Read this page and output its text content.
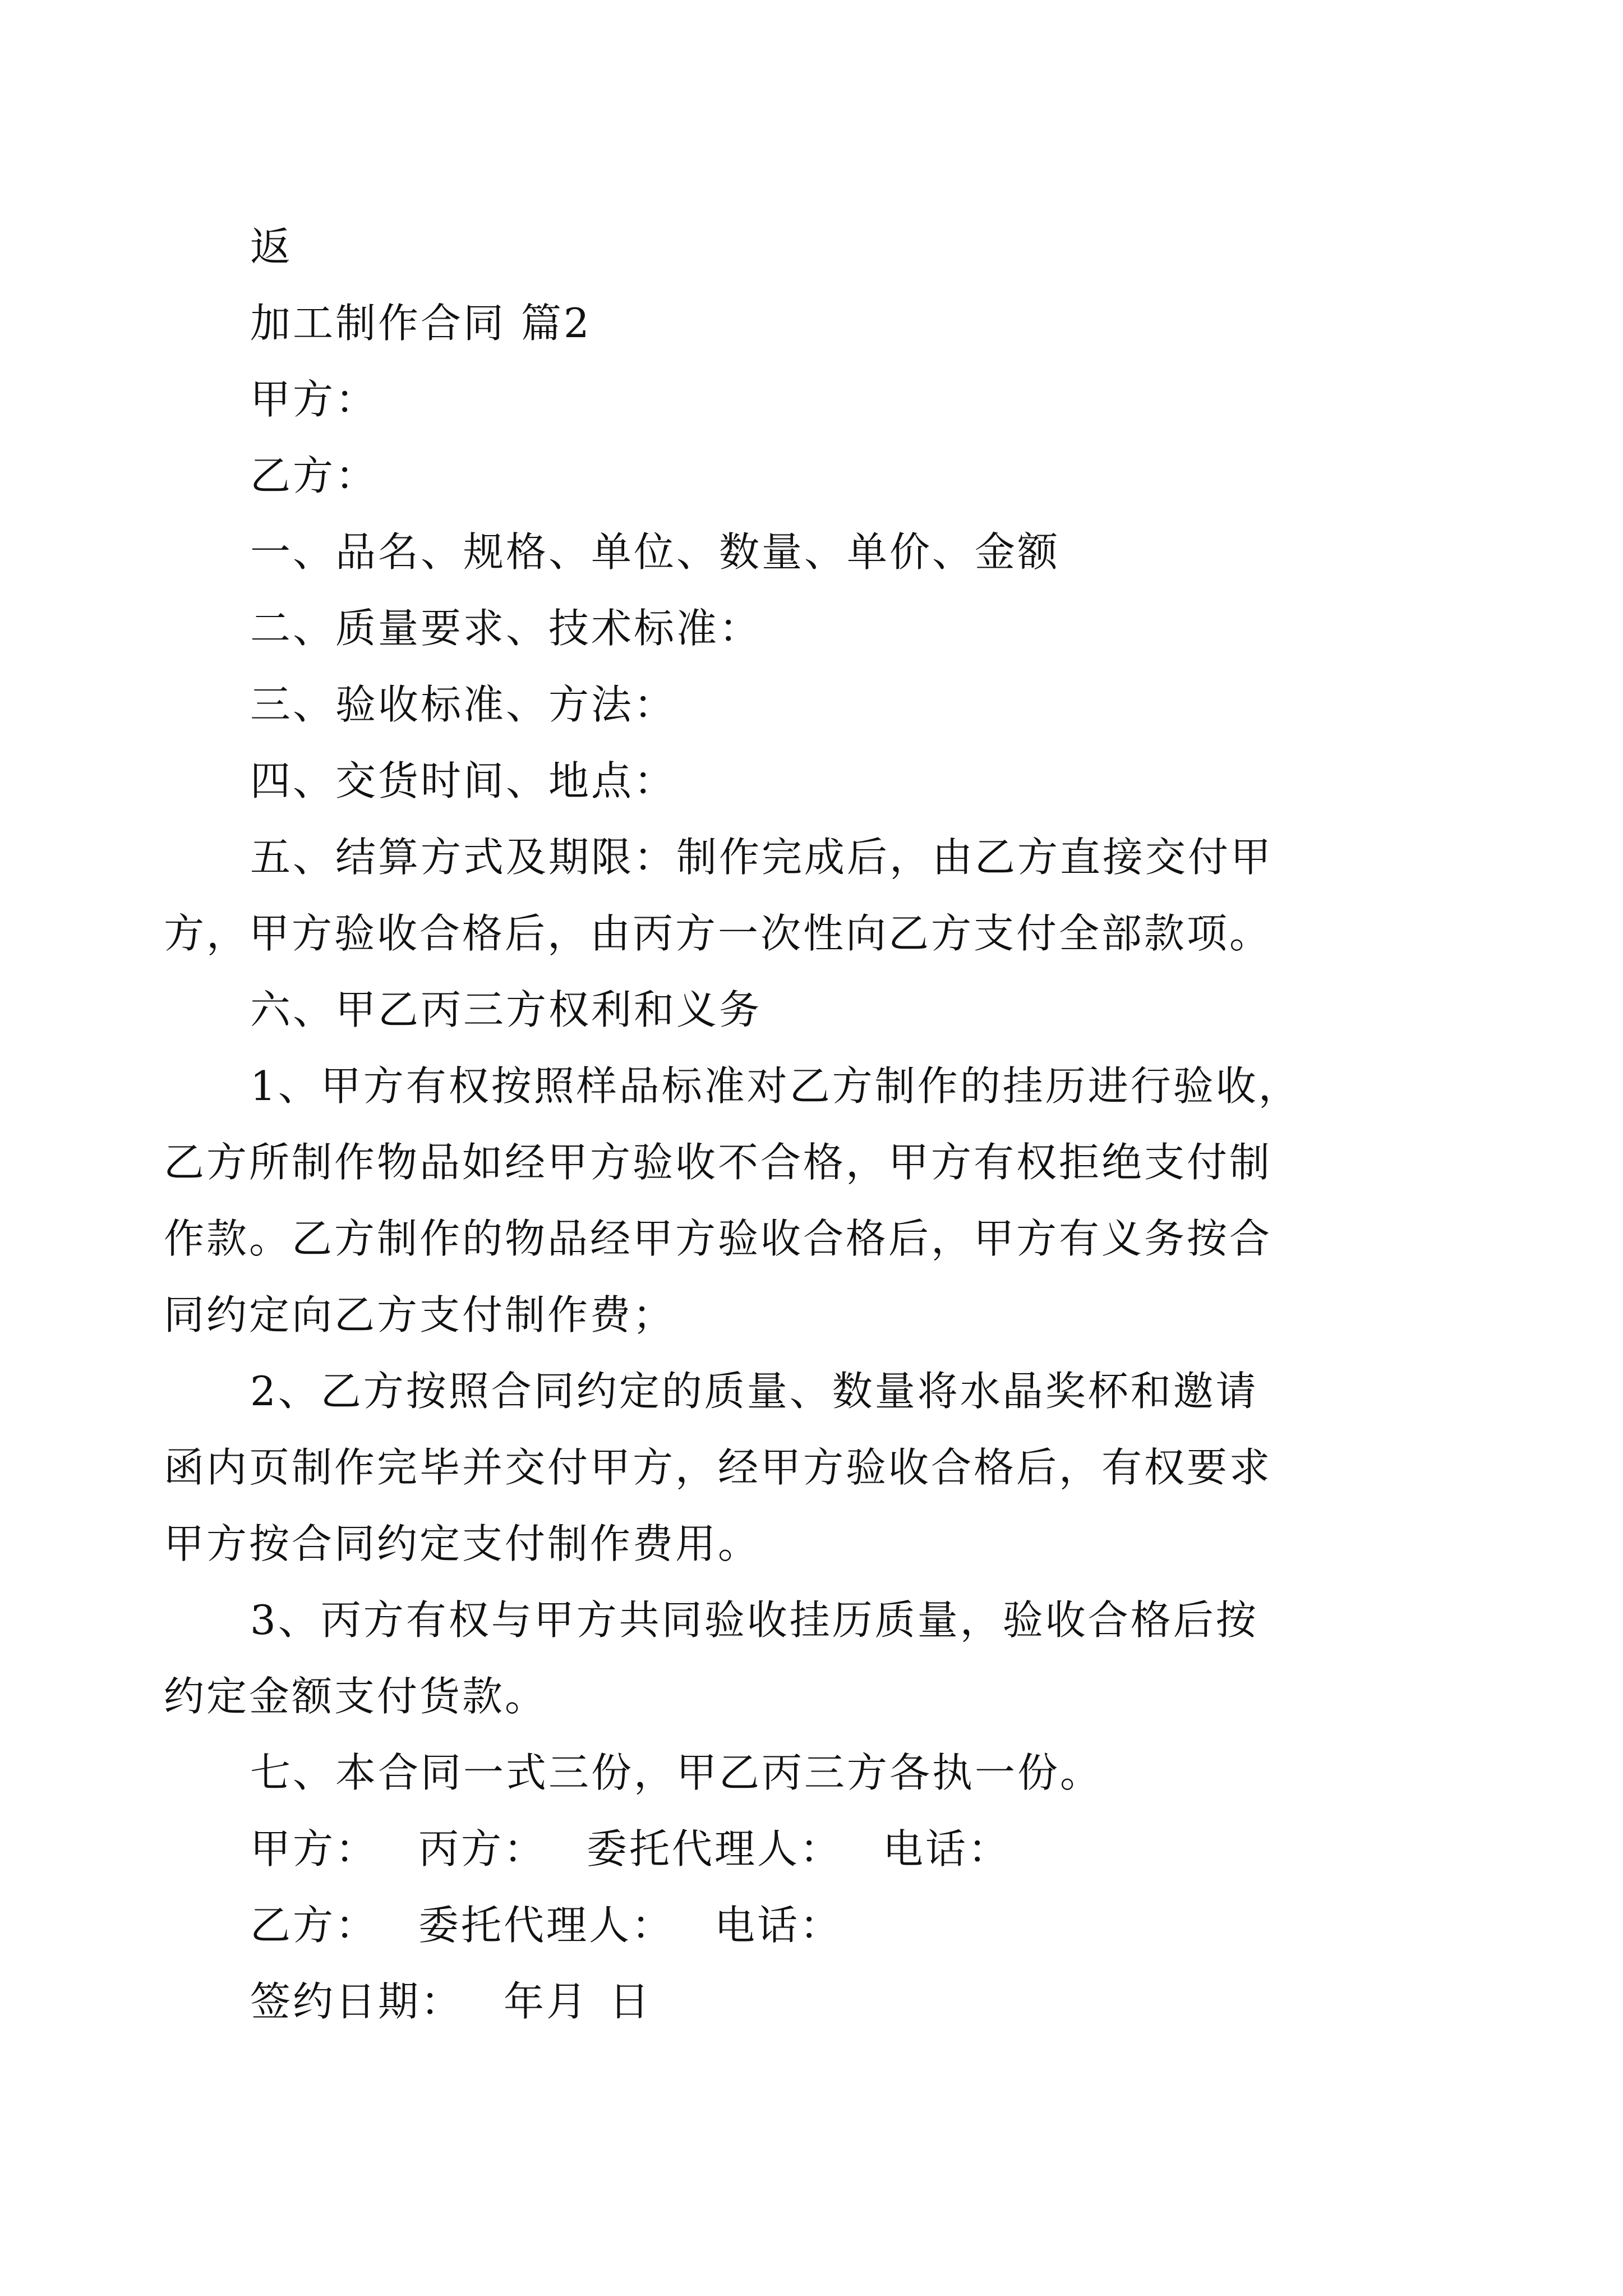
返
加工制作合同 篇2
甲方：
乙方：
一、品名、规格、单位、数量、单价、金额
二、质量要求、技术标准：
三、验收标准、方法：
四、交货时间、地点：
五、结算方式及期限：制作完成后，由乙方直接交付甲
方，甲方验收合格后，由丙方一次性向乙方支付全部款项。
六、甲乙丙三方权利和义务
1、甲方有权按照样品标准对乙方制作的挂历进行验收，
乙方所制作物品如经甲方验收不合格，甲方有权拒绝支付制
作款。乙方制作的物品经甲方验收合格后，甲方有义务按合
同约定向乙方支付制作费；
2、乙方按照合同约定的质量、数量将水晶奖杯和邀请
函内页制作完毕并交付甲方，经甲方验收合格后，有权要求
甲方按合同约定支付制作费用。
3、丙方有权与甲方共同验收挂历质量，验收合格后按
约定金额支付货款。
七、本合同一式三份，甲乙丙三方各执一份。
甲方： 丙方： 委托代理人： 电话：
乙方： 委托代理人： 电话：
签约日期： 年月 日
